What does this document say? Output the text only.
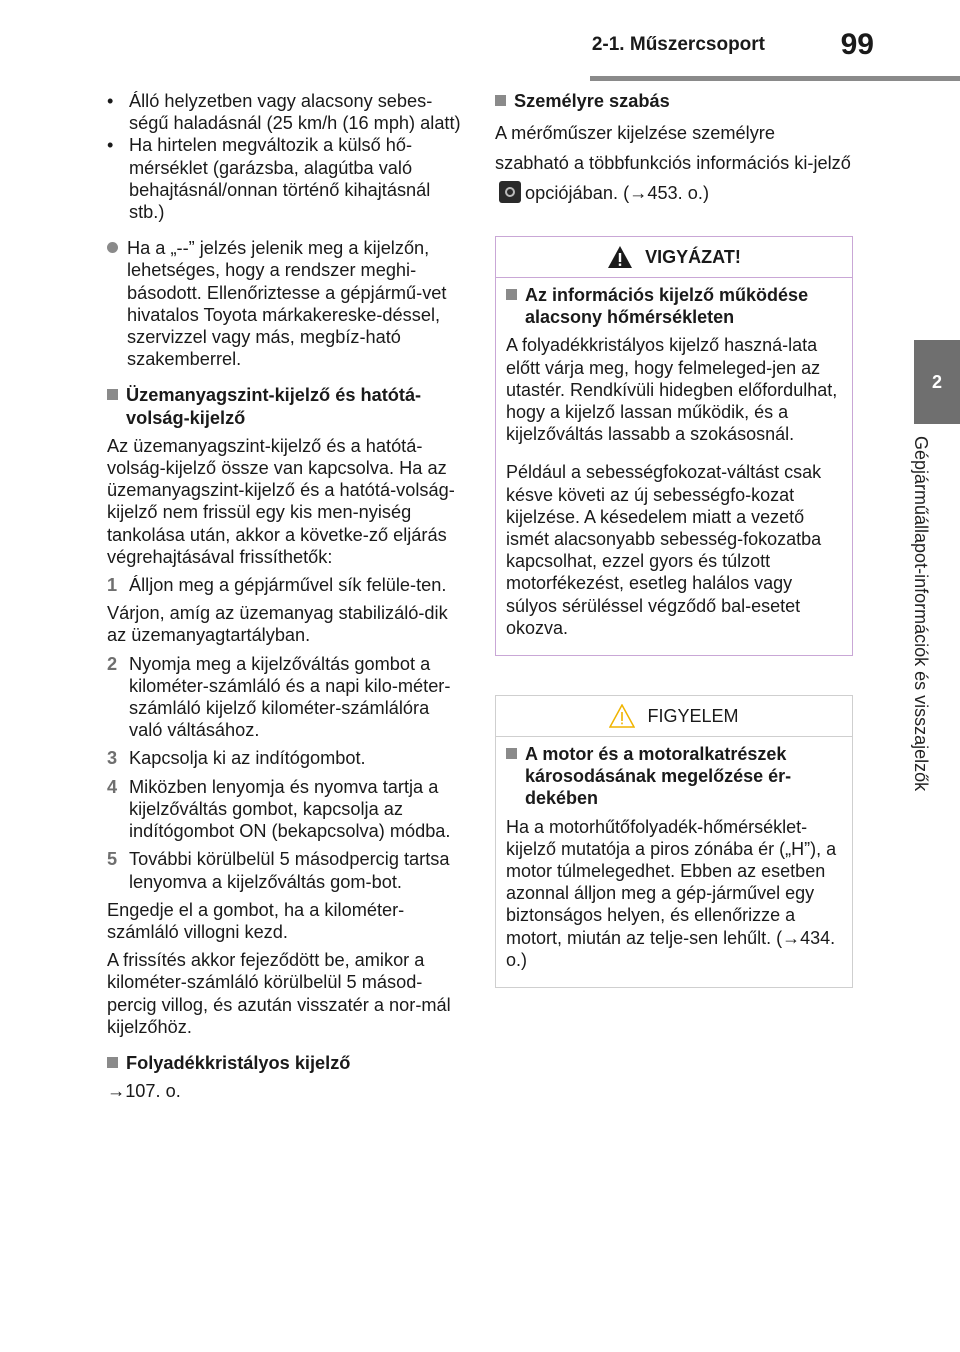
2-1. Műszercsoport	99
2
Gépjárműállapot-információk és visszajelzők
• Álló helyzetben vagy alacsony sebes-ségű haladásnál (25 km/h (16 mph) alatt)
• Ha hirtelen megváltozik a külső hő-mérséklet (garázsba, alagútba való behajtásnál/onnan történő kihajtásnál stb.)
Ha a „--” jelzés jelenik meg a kijelzőn, lehetséges, hogy a rendszer meghi-básodott. Ellenőriztesse a gépjármű-vet hivatalos Toyota márkakereske-déssel, szervizzel vagy más, megbíz-ható szakemberrel.
Üzemanyagszint-kijelző és hatótá-volság-kijelző

Az üzemanyagszint-kijelző és a hatótá-volság-kijelző össze van kapcsolva. Ha az üzemanyagszint-kijelző és a hatótá-volság-kijelző nem frissül egy kis men-nyiség tankolása után, akkor a követke-ző eljárás végrehajtásával frissíthetők:

1 Álljon meg a gépjárművel sík felüle-ten.

Várjon, amíg az üzemanyag stabilizáló-dik az üzemanyagtartályban.

2 Nyomja meg a kijelzőváltás gombot a kilométer-számláló és a napi kilo-méter-számláló kijelző kilométer-számlálóra való váltásához.
3 Kapcsolja ki az indítógombot.
4 Miközben lenyomja és nyomva tartja a kijelzőváltás gombot, kapcsolja az indítógombot ON (bekapcsolva) módba.
5 További körülbelül 5 másodpercig tartsa lenyomva a kijelzőváltás gom-bot.

Engedje el a gombot, ha a kilométer-számláló villogni kezd.

A frissítés akkor fejeződött be, amikor a kilométer-számláló körülbelül 5 másod-percig villog, és azután visszatér a nor-mál kijelzőhöz.

Folyadékkristályos kijelző

→107. o.

Személyre szabás

A mérőműszer kijelzése személyre szabható a többfunkciós információs ki-jelzőopciójában. (→453. o.)

VIGYÁZAT!
Az információs kijelző működése alacsony hőmérsékleten

A folyadékkristályos kijelző haszná-lata előtt várja meg, hogy felmeleged-jen az utastér. Rendkívüli hidegben előfordulhat, hogy a kijelző lassan működik, és a kijelzőváltás lassabb a szokásosnál.

Például a sebességfokozat-váltást csak késve követi az új sebességfo-kozat kijelzése. A késedelem miatt a vezető ismét alacsonyabb sebesség-fokozatba kapcsolhat, ezzel gyors és túlzott motorfékezést, esetleg halálos vagy súlyos sérüléssel végződő bal-esetet okozva.

FIGYELEM
A motor és a motoralkatrészek károsodásának megelőzése ér-dekében

Ha a motorhűtőfolyadék-hőmérséklet-kijelző mutatója a piros zónába ér („H”), a motor túlmelegedhet. Ebben az esetben azonnal álljon meg a gép-járművel egy biztonságos helyen, és ellenőrizze a motort, miután az telje-sen lehűlt. (→434. o.)
